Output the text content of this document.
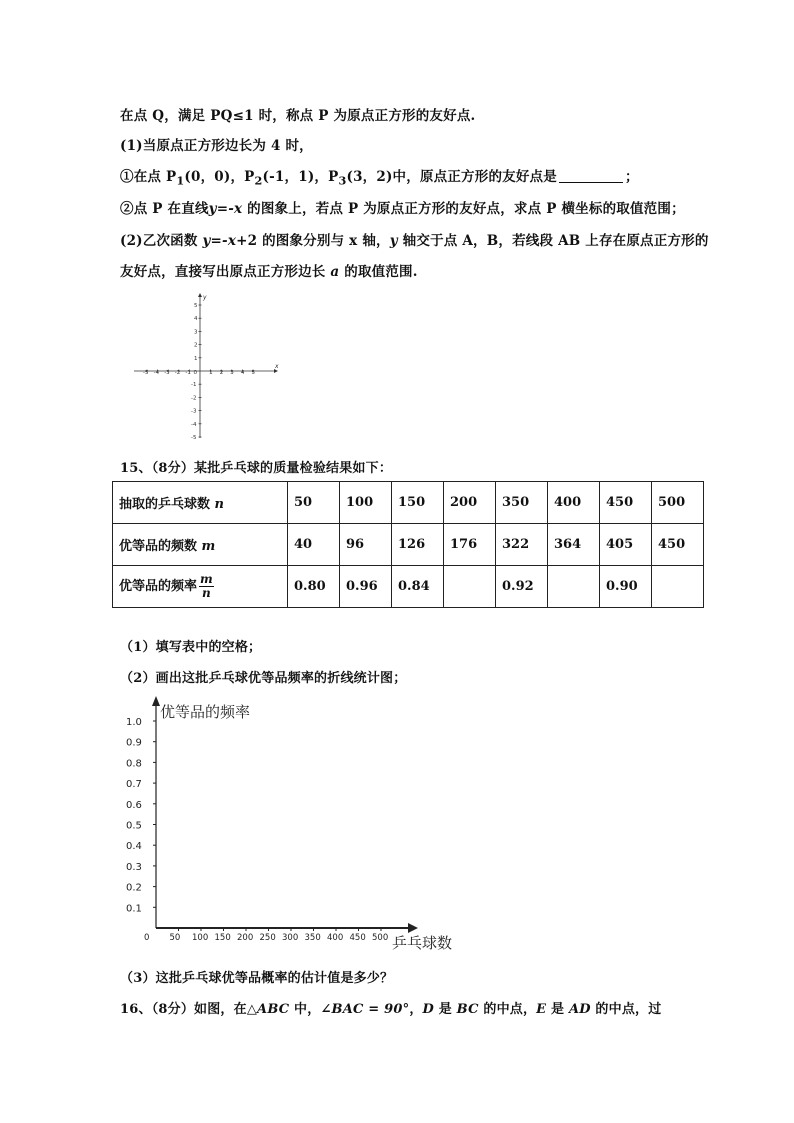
在点 Q，满足 PQ≤1 时，称点 P 为原点正方形的友好点.
(1)当原点正方形边长为 4 时，
①在点 $P_1(0$，0)，$P_2(-1$，1)，$P_3(3$，2)中，原点正方形的友好点是	；
②点 P 在直线y=-x 的图象上，若点 P 为原点正方形的友好点，求点 P 横坐标的取值范围；
(2)乙次函数 y=-x+2 的图象分别与 x 轴，y 轴交于点 A，B，若线段 AB 上存在原点正方形的
友好点，直接写出原点正方形边长 a 的取值范围.
x
y
-5 -4 -3 -2 -1 0 1 2 3 4 5
5
4
3
2
1
-1
-2
-3
-4
-5
15、（8分）某批乒乓球的质量检验结果如下：
抽取的乒乓球数 n	50	100	150	200	350	400	450	500
优等品的频数 m	40	96	126	176	322	364	405	450
优等品的频率 $\frac{m}{n}$	0.80	0.96	0.84		0.92		0.90	
（1）填写表中的空格；
（2）画出这批乒乓球优等品频率的折线统计图；
优等品的频率
乒乓球数
0.1
0.2
0.3
0.4
0.5
0.6
0.7
0.8
0.9
1.0
0 50 100 150 200 250 300 350 400 450 500
（3）这批乒乓球优等品概率的估计值是多少？
16、（8分）如图，在△ABC 中，∠BAC = 90°，D 是 BC 的中点，E 是 AD 的中点，过
